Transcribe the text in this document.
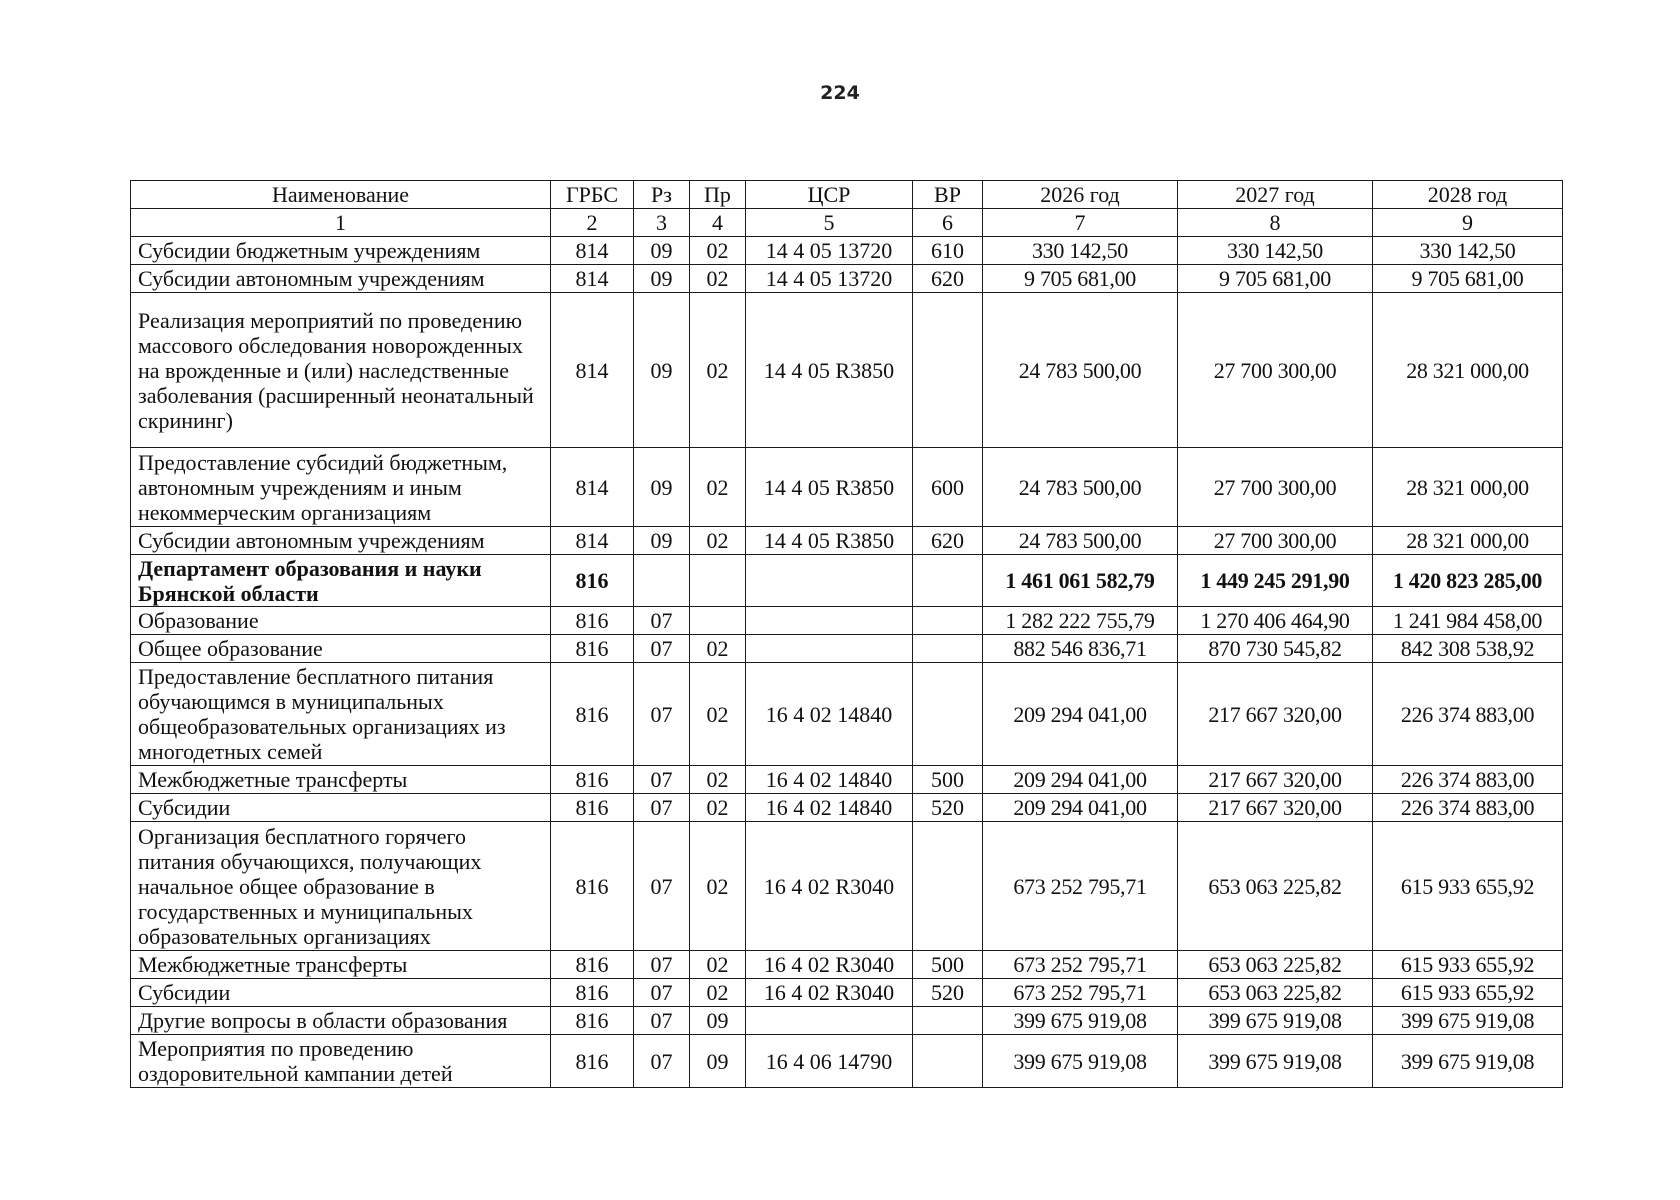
224
Наименование	ГРБС	Рз	Пр	ЦСР	ВР	2026 год	2027 год	2028 год
1	2	3	4	5	6	7	8	9
Субсидии бюджетным учреждениям	814	09	02	14 4 05 13720	610	330 142,50	330 142,50	330 142,50
Субсидии автономным учреждениям	814	09	02	14 4 05 13720	620	9 705 681,00	9 705 681,00	9 705 681,00
Реализация мероприятий по проведению массового обследования новорожденных на врожденные и (или) наследственные заболевания (расширенный неонатальный скрининг)	814	09	02	14 4 05 R3850		24 783 500,00	27 700 300,00	28 321 000,00
Предоставление субсидий бюджетным, автономным учреждениям и иным некоммерческим организациям	814	09	02	14 4 05 R3850	600	24 783 500,00	27 700 300,00	28 321 000,00
Субсидии автономным учреждениям	814	09	02	14 4 05 R3850	620	24 783 500,00	27 700 300,00	28 321 000,00
Департамент образования и науки Брянской области	816					1 461 061 582,79	1 449 245 291,90	1 420 823 285,00
Образование	816	07				1 282 222 755,79	1 270 406 464,90	1 241 984 458,00
Общее образование	816	07	02			882 546 836,71	870 730 545,82	842 308 538,92
Предоставление бесплатного питания обучающимся в муниципальных общеобразовательных организациях из многодетных семей	816	07	02	16 4 02 14840		209 294 041,00	217 667 320,00	226 374 883,00
Межбюджетные трансферты	816	07	02	16 4 02 14840	500	209 294 041,00	217 667 320,00	226 374 883,00
Субсидии	816	07	02	16 4 02 14840	520	209 294 041,00	217 667 320,00	226 374 883,00
Организация бесплатного горячего питания обучающихся, получающих начальное общее образование в государственных и муниципальных образовательных организациях	816	07	02	16 4 02 R3040		673 252 795,71	653 063 225,82	615 933 655,92
Межбюджетные трансферты	816	07	02	16 4 02 R3040	500	673 252 795,71	653 063 225,82	615 933 655,92
Субсидии	816	07	02	16 4 02 R3040	520	673 252 795,71	653 063 225,82	615 933 655,92
Другие вопросы в области образования	816	07	09			399 675 919,08	399 675 919,08	399 675 919,08
Мероприятия по проведению оздоровительной кампании детей	816	07	09	16 4 06 14790		399 675 919,08	399 675 919,08	399 675 919,08
